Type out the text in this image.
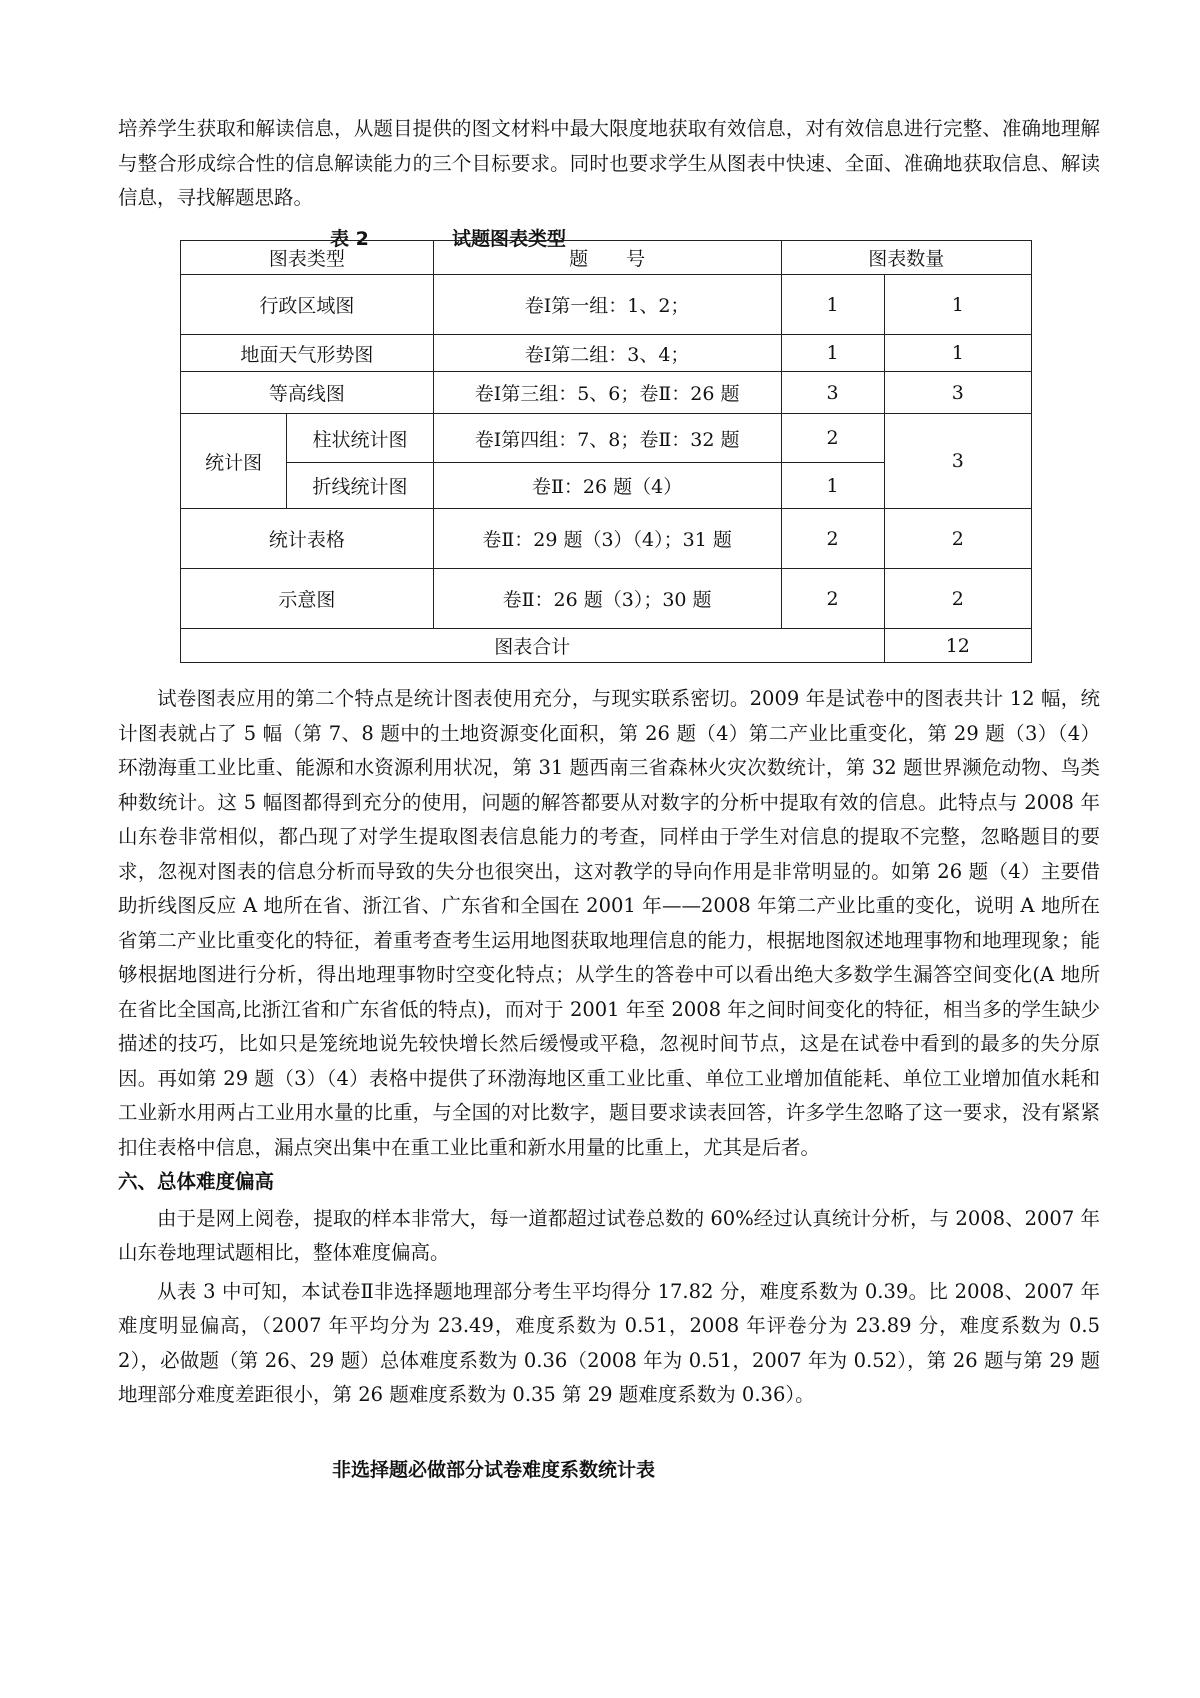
培养学生获取和解读信息，从题目提供的图文材料中最大限度地获取有效信息，对有效信息进行完整、准确地理解与整合形成综合性的信息解读能力的三个目标要求。同时也要求学生从图表中快速、全面、准确地获取信息、解读信息，寻找解题思路。

表 2	试题图表类型
图表类型		题　　号	图表数量	
行政区域图		卷Ⅰ第一组：1、2；	1	1
地面天气形势图		卷Ⅰ第二组：3、4；	1	1
等高线图		卷Ⅰ第三组：5、6；卷Ⅱ：26 题	3	3
统计图	柱状统计图	卷Ⅰ第四组：7、8；卷Ⅱ：32 题	2	3
	折线统计图	卷Ⅱ：26 题（4）	1	
统计表格		卷Ⅱ：29 题（3）（4）；31 题	2	2
示意图		卷Ⅱ：26 题（3）；30 题	2	2
图表合计				12

试卷图表应用的第二个特点是统计图表使用充分，与现实联系密切。2009 年是试卷中的图表共计 12 幅，统计图表就占了 5 幅（第 7、8 题中的土地资源变化面积，第 26 题（4）第二产业比重变化，第 29 题（3）（4）环渤海重工业比重、能源和水资源利用状况，第 31 题西南三省森林火灾次数统计，第 32 题世界濒危动物、鸟类种数统计。这 5 幅图都得到充分的使用，问题的解答都要从对数字的分析中提取有效的信息。此特点与 2008 年山东卷非常相似，都凸现了对学生提取图表信息能力的考查，同样由于学生对信息的提取不完整，忽略题目的要求，忽视对图表的信息分析而导致的失分也很突出，这对教学的导向作用是非常明显的。如第 26 题（4）主要借助折线图反应 A 地所在省、浙江省、广东省和全国在 2001 年——2008 年第二产业比重的变化，说明 A 地所在省第二产业比重变化的特征，着重考查考生运用地图获取地理信息的能力，根据地图叙述地理事物和地理现象；能够根据地图进行分析，得出地理事物时空变化特点；从学生的答卷中可以看出绝大多数学生漏答空间变化(A 地所在省比全国高,比浙江省和广东省低的特点)，而对于 2001 年至 2008 年之间时间变化的特征，相当多的学生缺少描述的技巧，比如只是笼统地说先较快增长然后缓慢或平稳，忽视时间节点，这是在试卷中看到的最多的失分原因。再如第 29 题（3）（4）表格中提供了环渤海地区重工业比重、单位工业增加值能耗、单位工业增加值水耗和工业新水用两占工业用水量的比重，与全国的对比数字，题目要求读表回答，许多学生忽略了这一要求，没有紧紧扣住表格中信息，漏点突出集中在重工业比重和新水用量的比重上，尤其是后者。

六、总体难度偏高

由于是网上阅卷，提取的样本非常大，每一道都超过试卷总数的 60%经过认真统计分析，与 2008、2007 年山东卷地理试题相比，整体难度偏高。

从表 3 中可知，本试卷Ⅱ非选择题地理部分考生平均得分 17.82 分，难度系数为 0.39。比 2008、2007 年难度明显偏高，（2007 年平均分为 23.49，难度系数为 0.51，2008 年评卷分为 23.89 分，难度系数为 0.52），必做题（第 26、29 题）总体难度系数为 0.36（2008 年为 0.51，2007 年为 0.52），第 26 题与第 29 题地理部分难度差距很小，第 26 题难度系数为 0.35 第 29 题难度系数为 0.36）。

非选择题必做部分试卷难度系数统计表
